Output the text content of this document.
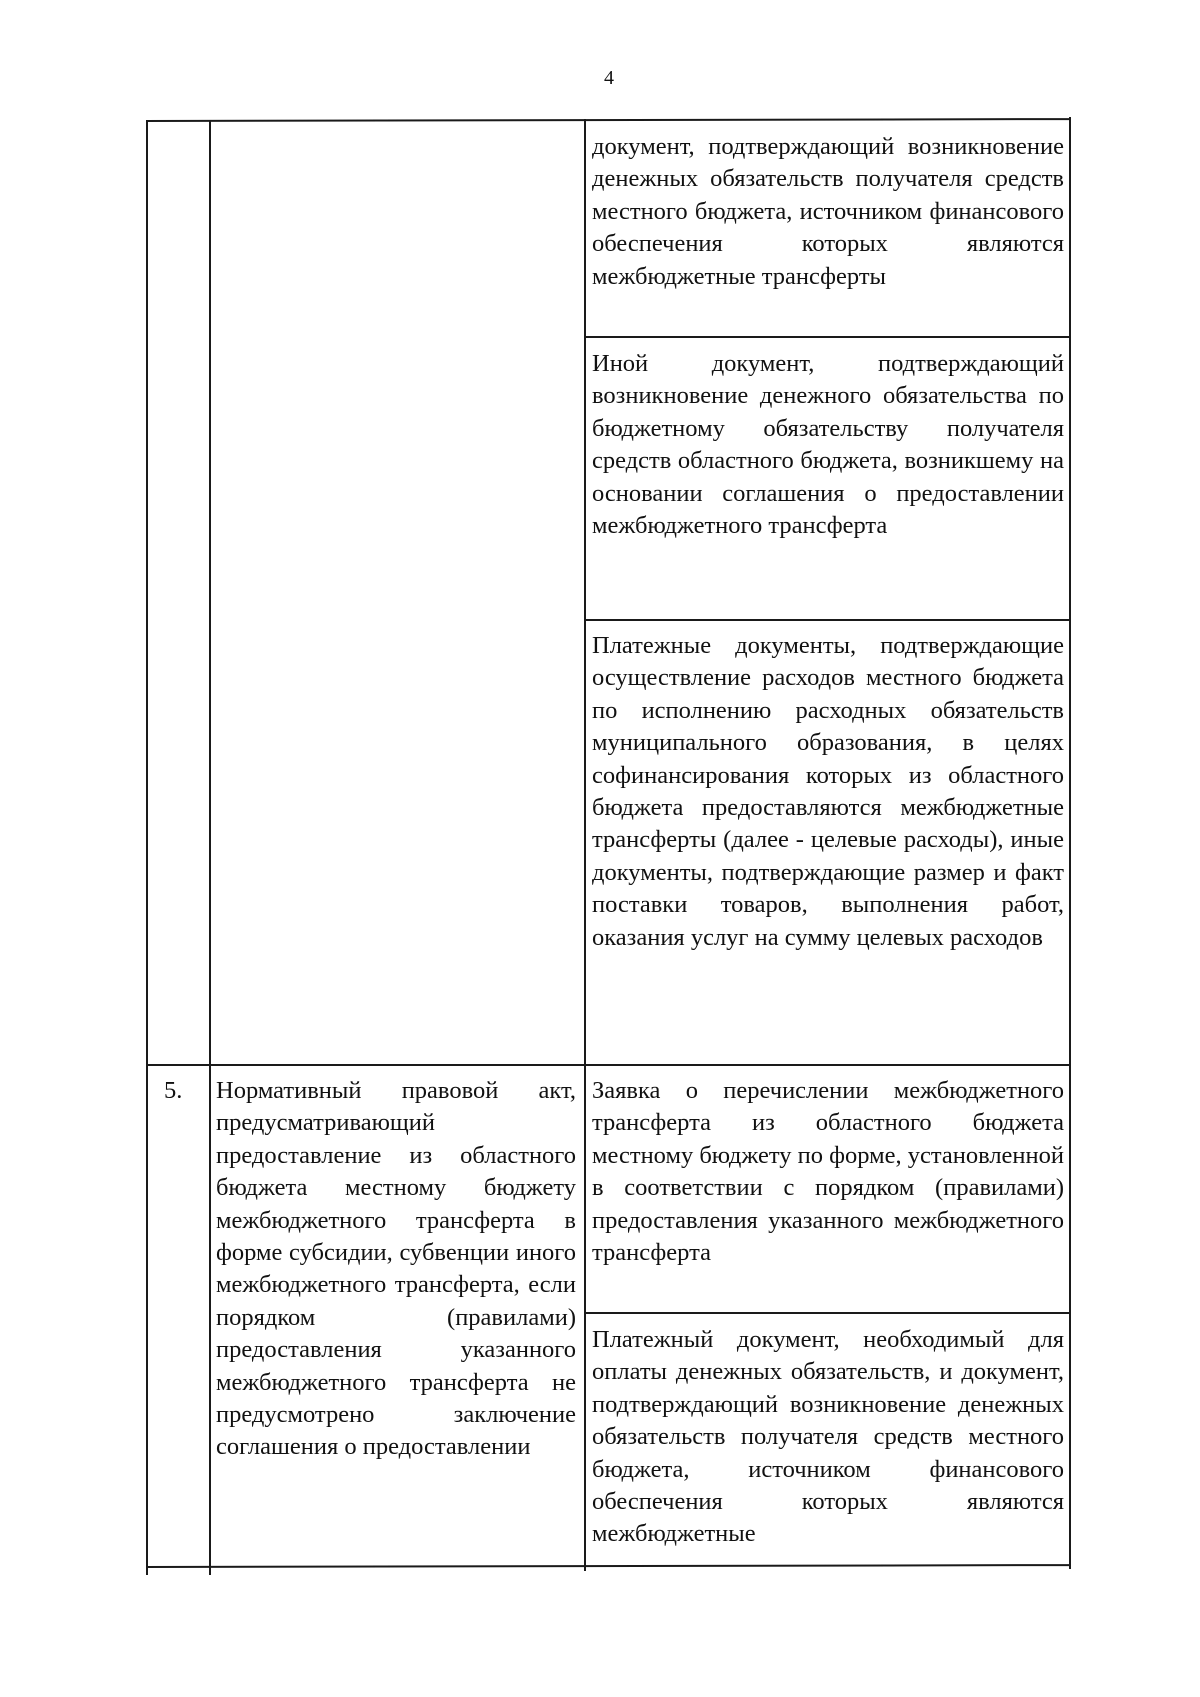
4
документ, подтверждающий возникновение денежных обязательств получателя средств местного бюджета, источником финансового обеспечения которых являются межбюджетные трансферты
Иной документ, подтверждающий возникновение денежного обязательства по бюджетному обязательству получателя средств областного бюджета, возникшему на основании соглашения о предоставлении межбюджетного трансферта
Платежные документы, подтверждающие осуществление расходов местного бюджета по исполнению расходных обязательств муниципального образования, в целях софинансирования которых из областного бюджета предоставляются межбюджетные трансферты (далее - целевые расходы), иные документы, подтверждающие размер и факт поставки товаров, выполнения работ, оказания услуг на сумму целевых расходов
5. Нормативный правовой акт, предусматривающий предоставление из областного бюджета местному бюджету межбюджетного трансферта в форме субсидии, субвенции иного межбюджетного трансферта, если порядком (правилами) предоставления указанного межбюджетного трансферта не предусмотрено заключение соглашения о предоставлении
Заявка о перечислении межбюджетного трансферта из областного бюджета местному бюджету по форме, установленной в соответствии с порядком (правилами) предоставления указанного межбюджетного трансферта
Платежный документ, необходимый для оплаты денежных обязательств, и документ, подтверждающий возникновение денежных обязательств получателя средств местного бюджета, источником финансового обеспечения которых являются межбюджетные
